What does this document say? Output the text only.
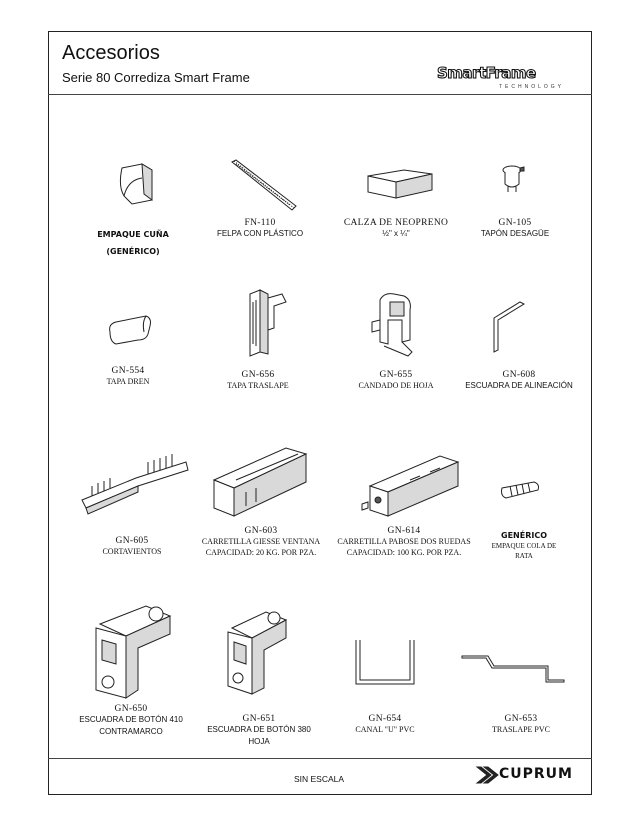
Accesorios
Serie 80 Corrediza Smart Frame	SmartFrame
TECHNOLOGY
EMPAQUE CUÑA
(GENÉRICO)
FN-110
FELPA CON PLÁSTICO
CALZA DE NEOPRENO
½" x ¼"
GN-105
TAPÓN DESAGÜE
GN-554
TAPA DREN
GN-656
TAPA TRASLAPE
GN-655
CANDADO DE HOJA
GN-608
ESCUADRA DE ALINEACIÓN
GN-605
CORTAVIENTOS
GN-603
CARRETILLA GIESSE VENTANA
CAPACIDAD: 20 KG. POR PZA.
GN-614
CARRETILLA PABOSE DOS RUEDAS
CAPACIDAD: 100 KG. POR PZA.
GENÉRICO
EMPAQUE COLA DE
RATA
GN-650
ESCUADRA DE BOTÓN 410
CONTRAMARCO
GN-651
ESCUADRA DE BOTÓN 380 HOJA
GN-654
CANAL "U" PVC
GN-653
TRASLAPE PVC
SIN ESCALA	CUPRUM
